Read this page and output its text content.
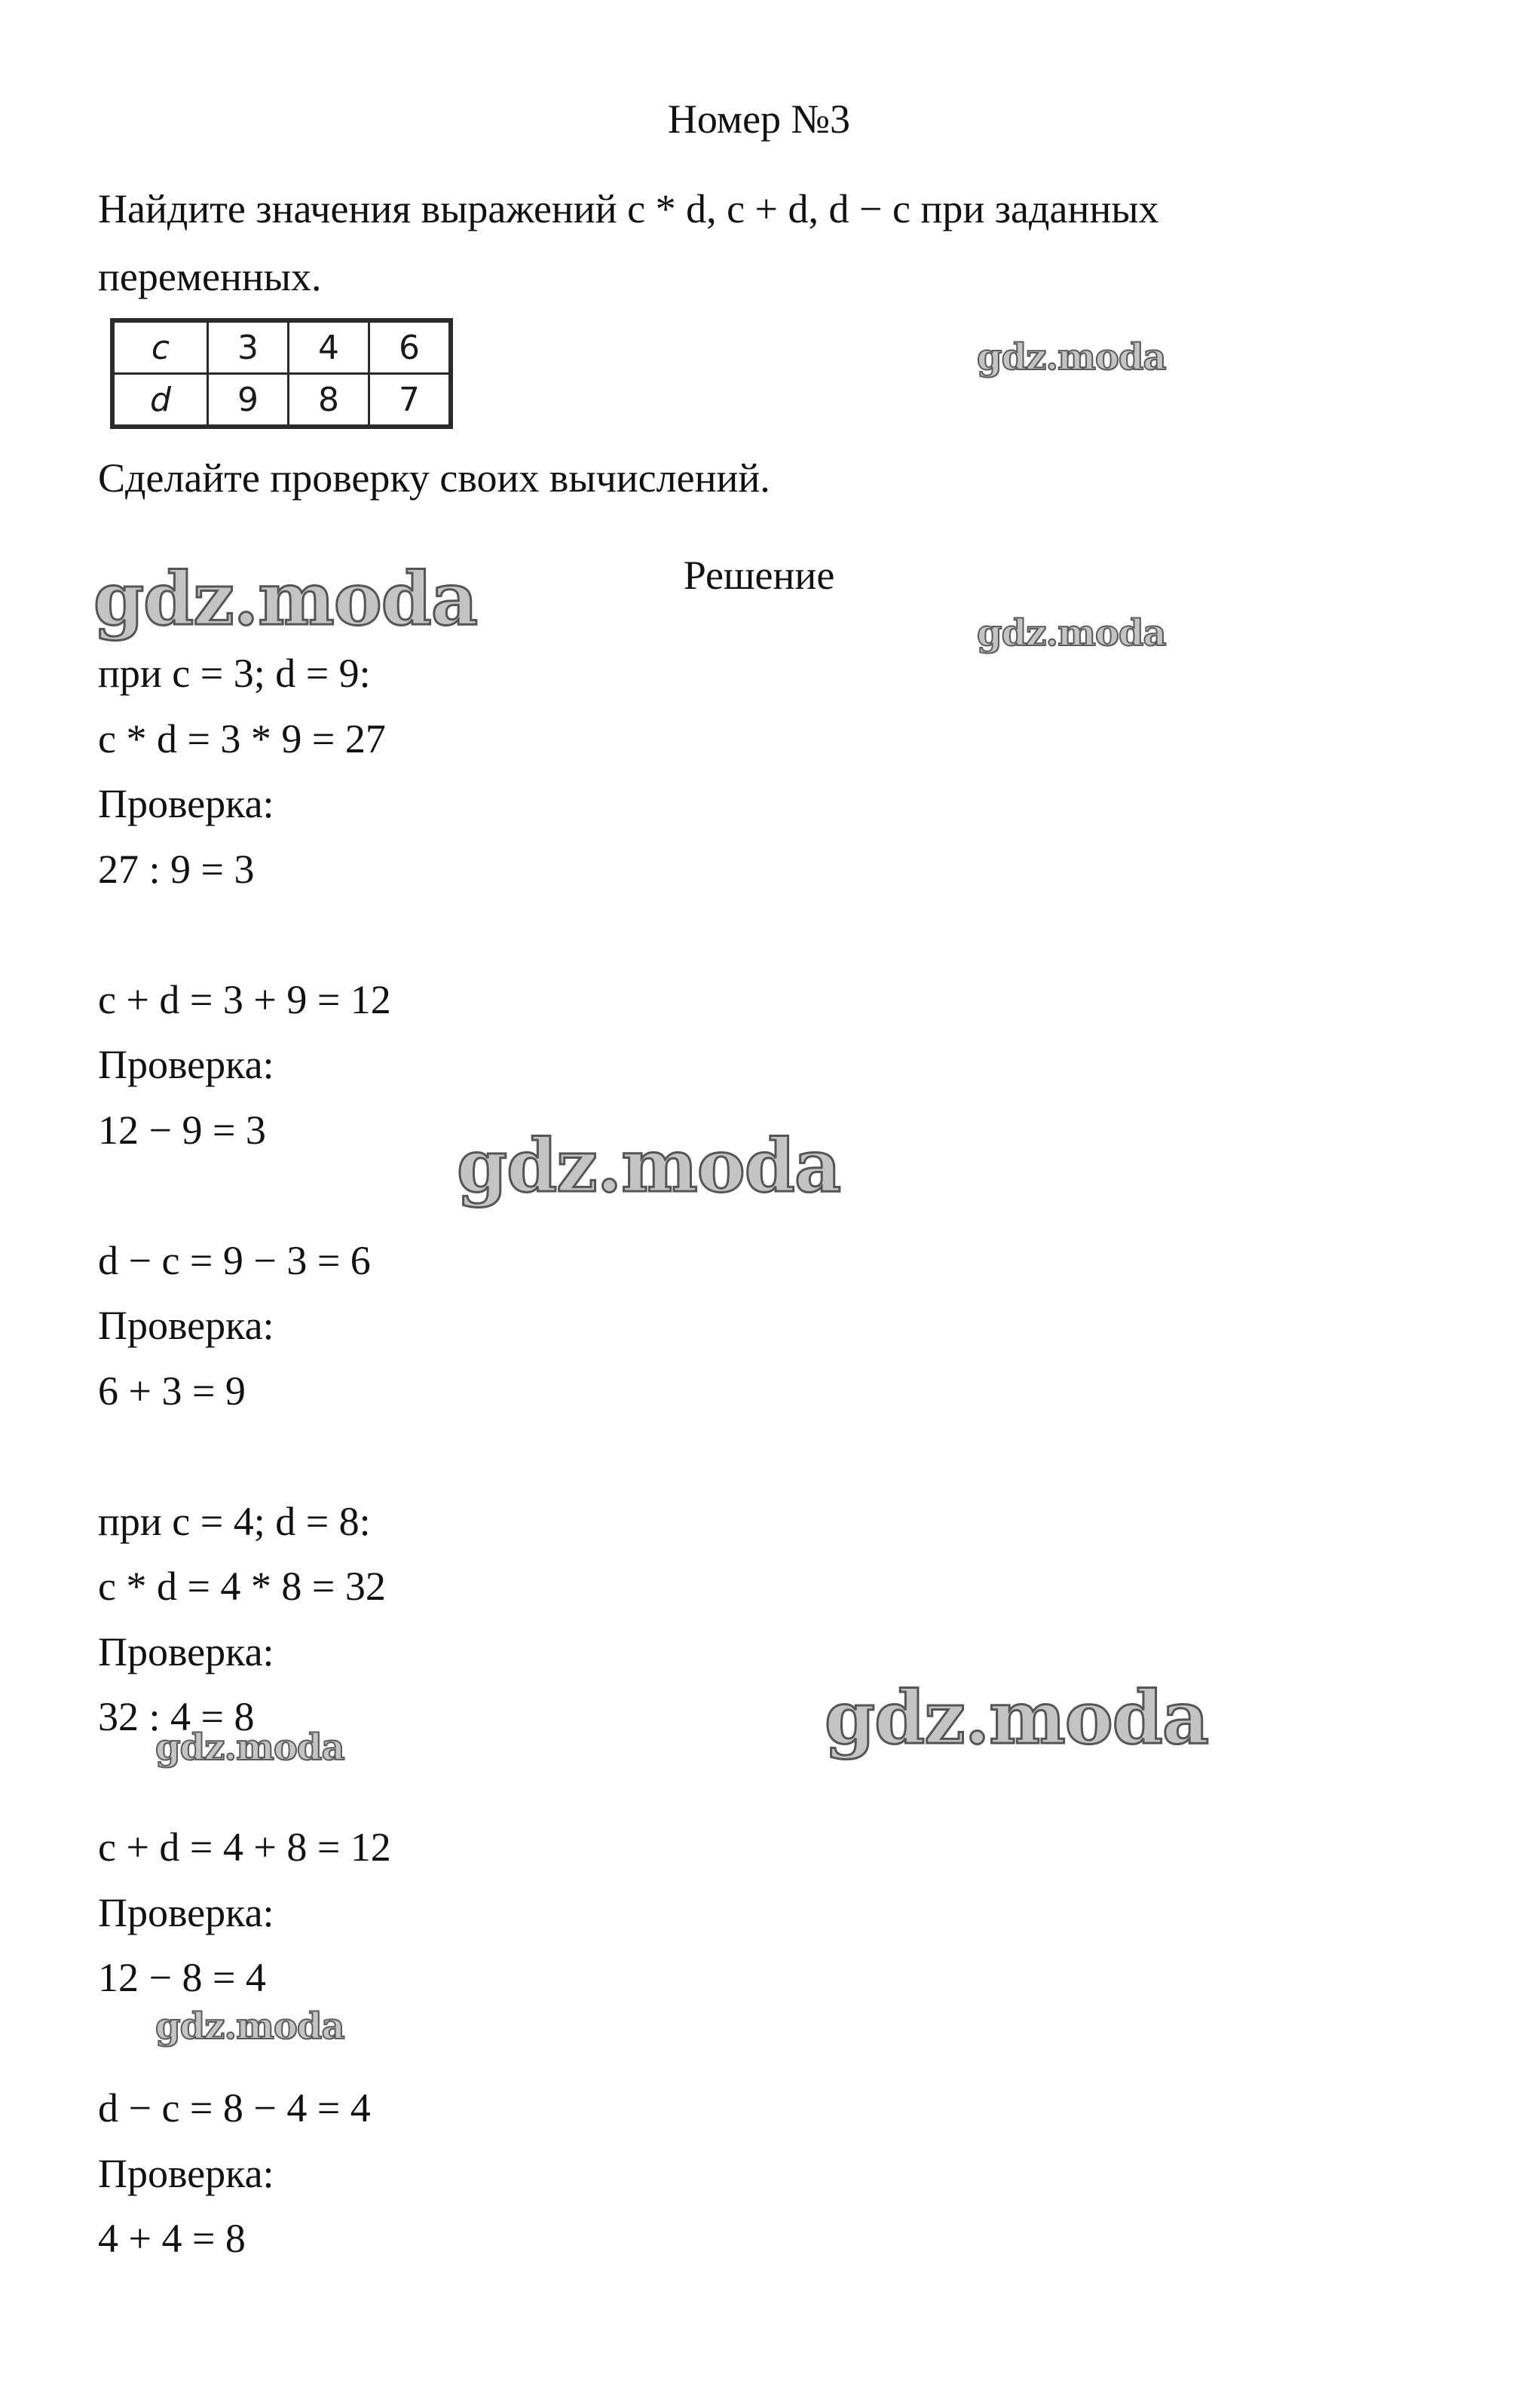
Номер №3

Найдите значения выражений c * d, c + d, d − c при заданных

переменных.

c	3	4	6
d	9	8	7
Сделайте проверку своих вычислений.
Решение
при c = 3; d = 9:
c * d = 3 * 9 = 27
Проверка:
27 : 9 = 3
c + d = 3 + 9 = 12
Проверка:
12 − 9 = 3
d − c = 9 − 3 = 6
Проверка:
6 + 3 = 9
при c = 4; d = 8:
c * d = 4 * 8 = 32
Проверка:
32 : 4 = 8
c + d = 4 + 8 = 12
Проверка:
12 − 8 = 4
d − c = 8 − 4 = 4
Проверка:
4 + 4 = 8
gdz.moda
gdz.moda	gdz.moda
gdz.moda
gdz.moda
gdz.moda
gdz.moda
